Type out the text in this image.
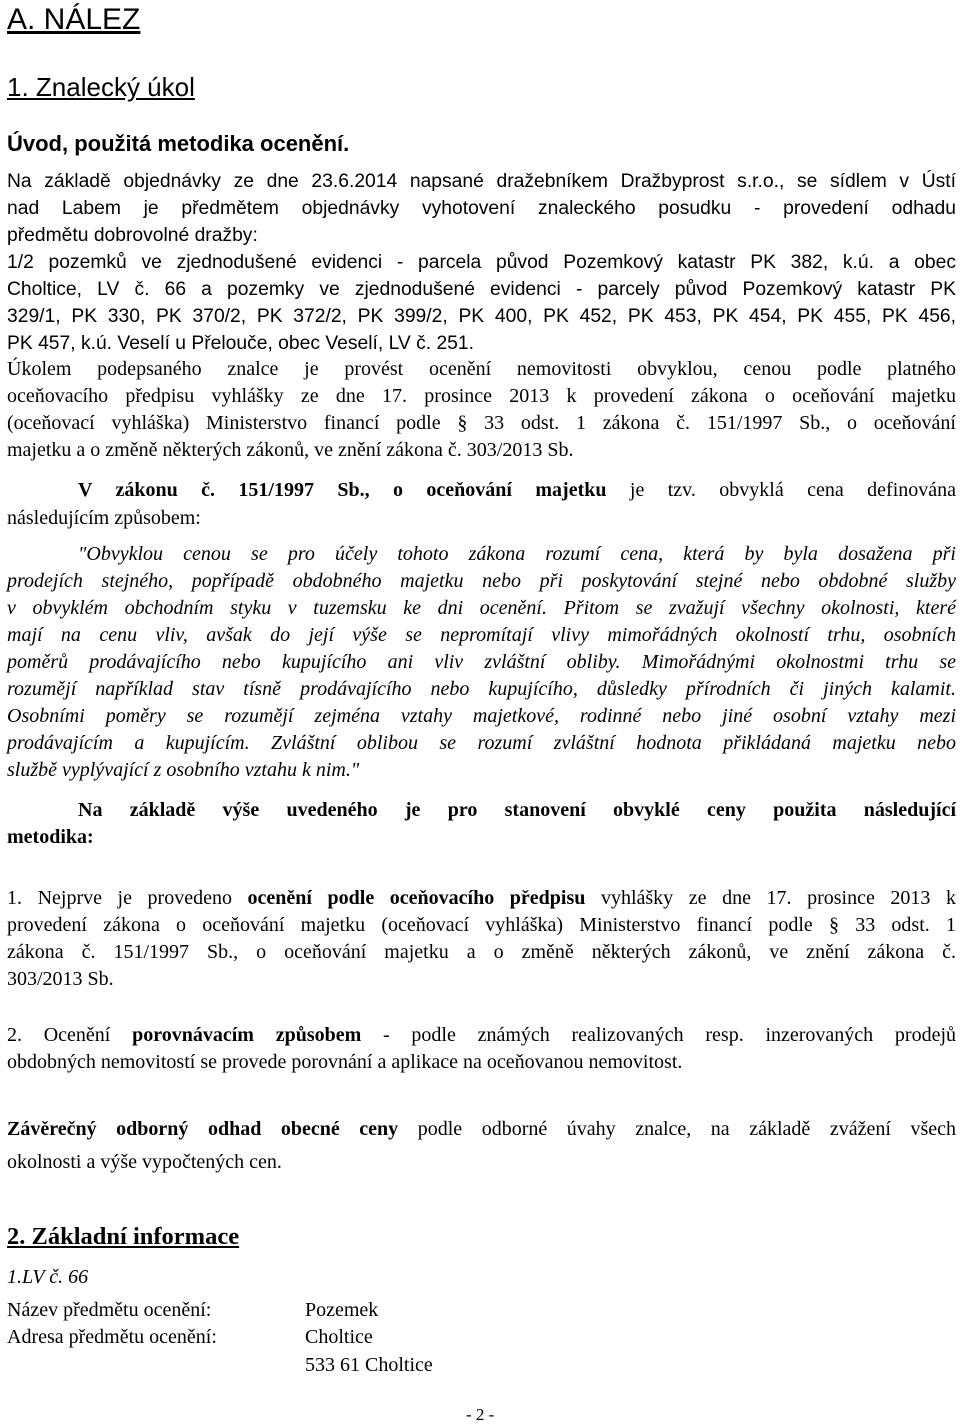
A. NÁLEZ
1. Znalecký úkol
Úvod, použitá metodika ocenění.
Na základě objednávky ze dne 23.6.2014 napsané dražebníkem Dražbyprost s.r.o., se sídlem v Ústí
nad Labem je předmětem objednávky vyhotovení znaleckého posudku - provedení odhadu
předmětu dobrovolné dražby:
1/2 pozemků ve zjednodušené evidenci - parcela původ Pozemkový katastr PK 382, k.ú. a obec
Choltice, LV č. 66 a pozemky ve zjednodušené evidenci - parcely původ Pozemkový katastr PK
329/1, PK 330, PK 370/2, PK 372/2, PK 399/2, PK 400, PK 452, PK 453, PK 454, PK 455, PK 456,
PK 457, k.ú. Veselí u Přelouče, obec Veselí, LV č. 251.
Úkolem podepsaného znalce je provést ocenění nemovitosti obvyklou, cenou podle platného
oceňovacího předpisu vyhlášky ze dne 17. prosince 2013 k provedení zákona o oceňování majetku
(oceňovací vyhláška) Ministerstvo financí podle § 33 odst. 1 zákona č. 151/1997 Sb., o oceňování
majetku a o změně některých zákonů, ve znění zákona č. 303/2013 Sb.
V zákonu č. 151/1997 Sb., o oceňování majetku je tzv. obvyklá cena definována
následujícím způsobem:
"Obvyklou cenou se pro účely tohoto zákona rozumí cena, která by byla dosažena při
prodejích stejného, popřípadě obdobného majetku nebo při poskytování stejné nebo obdobné služby
v obvyklém obchodním styku v tuzemsku ke dni ocenění. Přitom se zvažují všechny okolnosti, které
mají na cenu vliv, avšak do její výše se nepromítají vlivy mimořádných okolností trhu, osobních
poměrů prodávajícího nebo kupujícího ani vliv zvláštní obliby. Mimořádnými okolnostmi trhu se
rozumějí například stav tísně prodávajícího nebo kupujícího, důsledky přírodních či jiných kalamit.
Osobními poměry se rozumějí zejména vztahy majetkové, rodinné nebo jiné osobní vztahy mezi
prodávajícím a kupujícím. Zvláštní oblibou se rozumí zvláštní hodnota přikládaná majetku nebo
službě vyplývající z osobního vztahu k nim."
Na základě výše uvedeného je pro stanovení obvyklé ceny použita následující
metodika:
1. Nejprve je provedeno ocenění podle oceňovacího předpisu vyhlášky ze dne 17. prosince 2013 k
provedení zákona o oceňování majetku (oceňovací vyhláška) Ministerstvo financí podle § 33 odst. 1
zákona č. 151/1997 Sb., o oceňování majetku a o změně některých zákonů, ve znění zákona č.
303/2013 Sb.
2. Ocenění porovnávacím způsobem - podle známých realizovaných resp. inzerovaných prodejů
obdobných nemovitostí se provede porovnání a aplikace na oceňovanou nemovitost.
Závěrečný odborný odhad obecné ceny podle odborné úvahy znalce, na základě zvážení všech
okolnosti a výše vypočtených cen.
2. Základní informace
1.LV č. 66
Název předmětu ocenění:	Pozemek
Adresa předmětu ocenění:	Choltice
533 61 Choltice
- 2 -
